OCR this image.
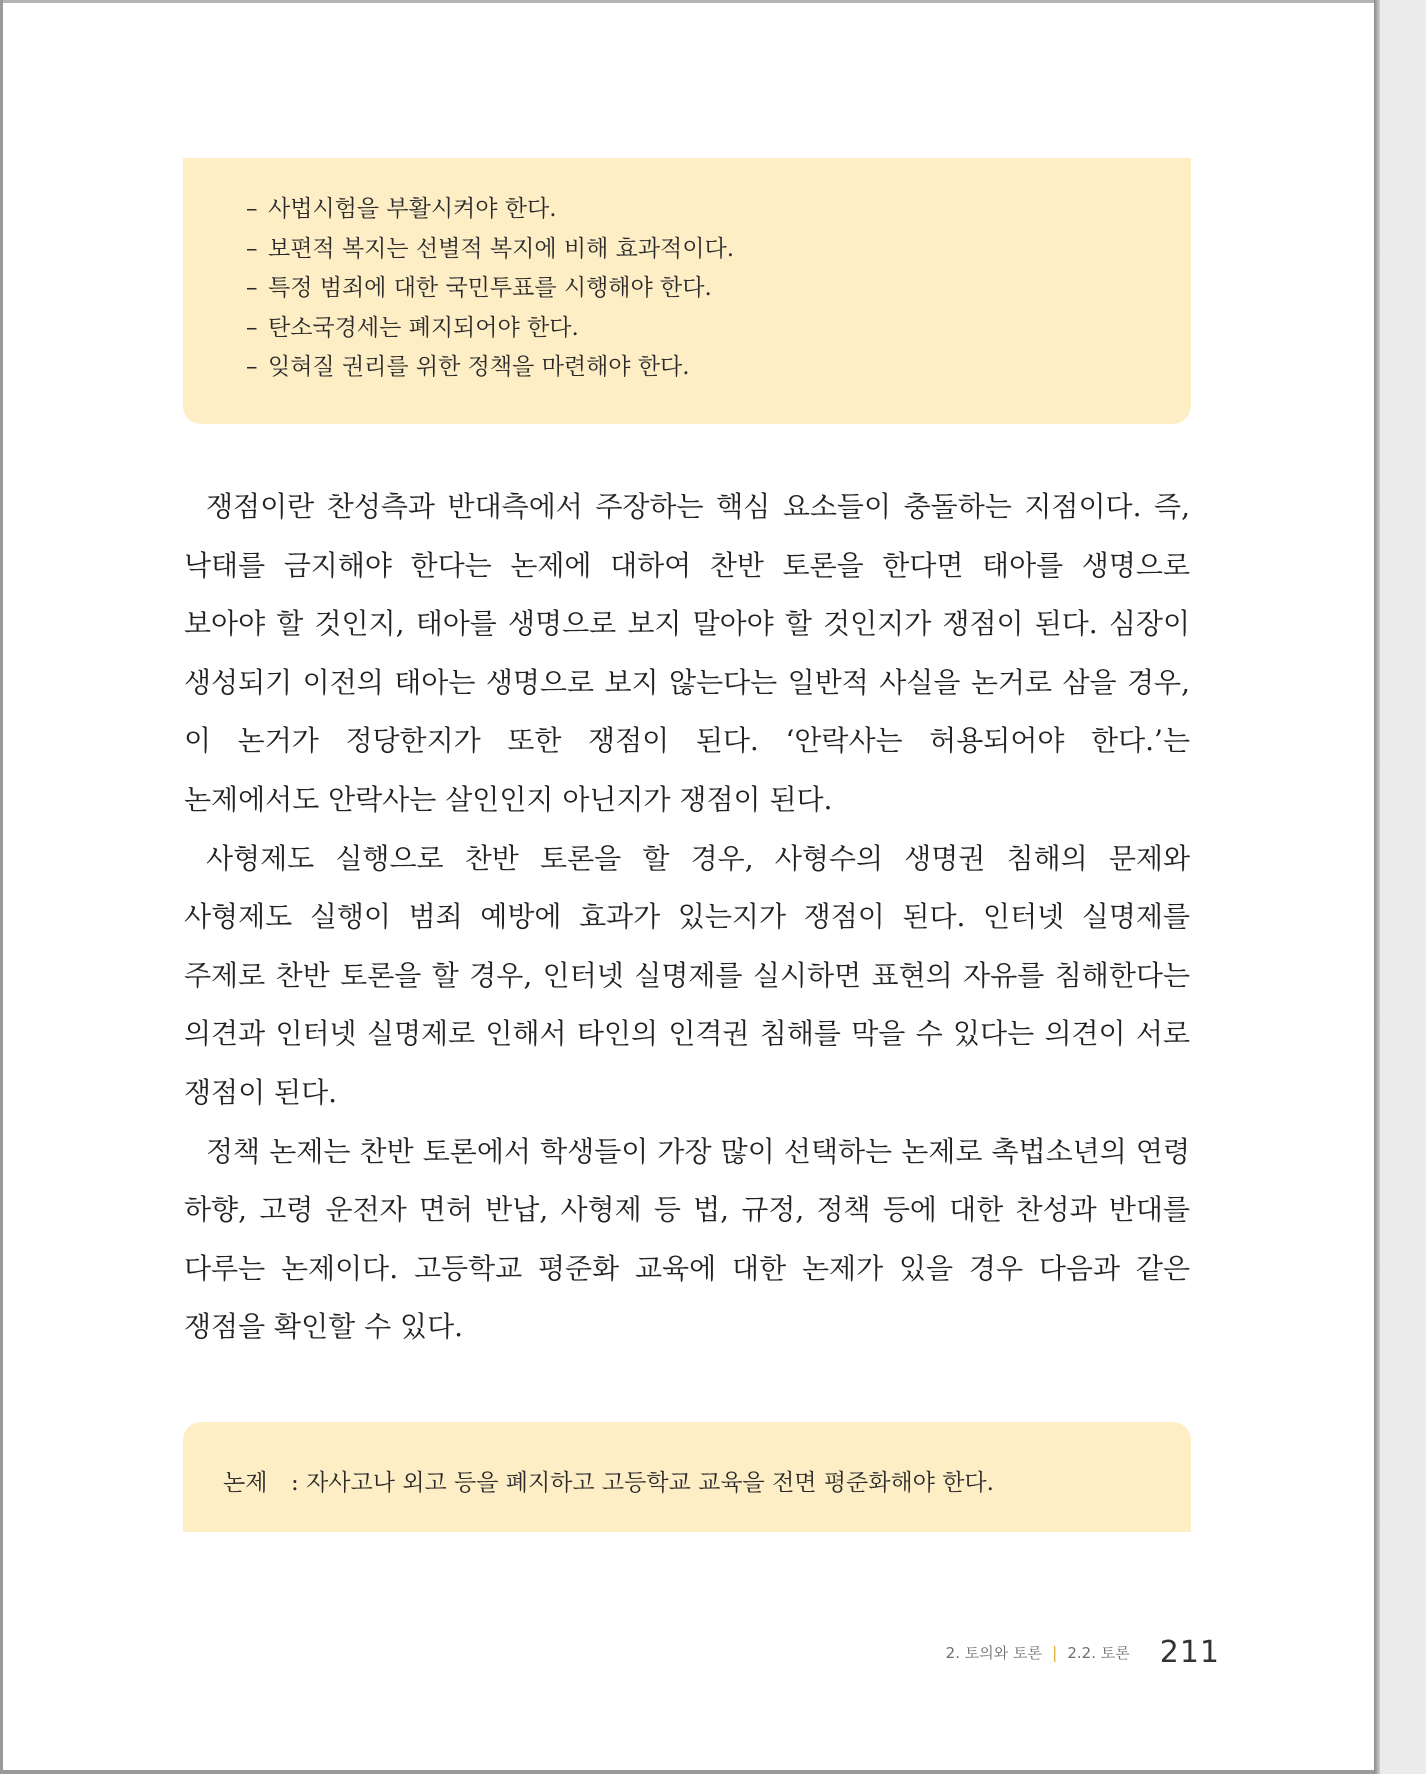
– 사법시험을 부활시켜야 한다.
– 보편적 복지는 선별적 복지에 비해 효과적이다.
– 특정 범죄에 대한 국민투표를 시행해야 한다.
– 탄소국경세는 폐지되어야 한다.
– 잊혀질 권리를 위한 정책을 마련해야 한다.

쟁점이란 찬성측과 반대측에서 주장하는 핵심 요소들이 충돌하는 지점이다. 즉, 낙태를 금지해야 한다는 논제에 대하여 찬반 토론을 한다면 태아를 생명으로 보아야 할 것인지, 태아를 생명으로 보지 말아야 할 것인지가 쟁점이 된다. 심장이 생성되기 이전의 태아는 생명으로 보지 않는다는 일반적 사실을 논거로 삼을 경우, 이 논거가 정당한지가 또한 쟁점이 된다. ‘안락사는 허용되어야 한다.’는 논제에서도 안락사는 살인인지 아닌지가 쟁점이 된다.

사형제도 실행으로 찬반 토론을 할 경우, 사형수의 생명권 침해의 문제와 사형제도 실행이 범죄 예방에 효과가 있는지가 쟁점이 된다. 인터넷 실명제를 주제로 찬반 토론을 할 경우, 인터넷 실명제를 실시하면 표현의 자유를 침해한다는 의견과 인터넷 실명제로 인해서 타인의 인격권 침해를 막을 수 있다는 의견이 서로 쟁점이 된다.

정책 논제는 찬반 토론에서 학생들이 가장 많이 선택하는 논제로 촉법소년의 연령 하향, 고령 운전자 면허 반납, 사형제 등 법, 규정, 정책 등에 대한 찬성과 반대를 다루는 논제이다. 고등학교 평준화 교육에 대한 논제가 있을 경우 다음과 같은 쟁점을 확인할 수 있다.

논제 : 자사고나 외고 등을 폐지하고 고등학교 교육을 전면 평준화해야 한다.
2. 토의와 토론 | 2.2. 토론 211
